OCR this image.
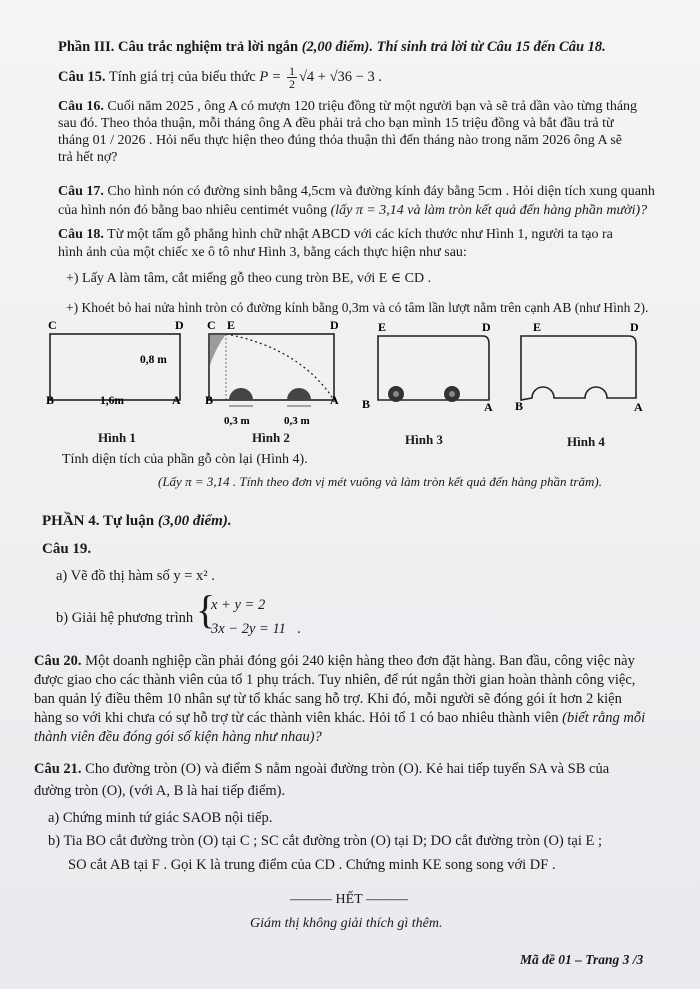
Phần III. Câu trắc nghiệm trả lời ngắn (2,00 điểm). Thí sinh trả lời từ Câu 15 đến Câu 18.
Câu 15. Tính giá trị của biểu thức $P = \frac{1}{2} √4 + √36 - 3$ .
Câu 16. Cuối năm 2025 , ông A có mượn 120 triệu đồng từ một người bạn và sẽ trả dần vào từng tháng
sau đó. Theo thỏa thuận, mỗi tháng ông A đều phải trả cho bạn mình 15 triệu đồng và bắt đầu trả từ
tháng 01 / 2026 . Hỏi nếu thực hiện theo đúng thỏa thuận thì đến tháng nào trong năm 2026 ông A sẽ
trả hết nợ?
Câu 17. Cho hình nón có đường sinh bằng 4,5cm và đường kính đáy bằng 5cm . Hỏi diện tích xung quanh
của hình nón đó bằng bao nhiêu centimét vuông (lấy π = 3,14 và làm tròn kết quả đến hàng phần mười)?
Câu 18. Từ một tấm gỗ phẳng hình chữ nhật ABCD với các kích thước như Hình 1, người ta tạo ra
hình ảnh của một chiếc xe ô tô như Hình 3, bằng cách thực hiện như sau:
+) Lấy A làm tâm, cắt miếng gỗ theo cung tròn BE, với E ∈ CD .
+) Khoét bỏ hai nửa hình tròn có đường kính bằng 0,3m và có tâm lần lượt nằm trên cạnh AB (như Hình 2).
C	D
B	A
0,8 m
1,6m
C E	D
B	A
0,3 m	0,3 m
E	D
B	A
E	D
B	A
Hình 1	Hình 2	Hình 3	Hình 4
Tính diện tích của phần gỗ còn lại (Hình 4).
(Lấy π = 3,14 . Tính theo đơn vị mét vuông và làm tròn kết quả đến hàng phần trăm).
PHẦN 4. Tự luận (3,00 điểm).
Câu 19.
a) Vẽ đồ thị hàm số y = x² .
b) Giải hệ phương trình {
x + y = 2
3x − 2y = 11 .
Câu 20. Một doanh nghiệp cần phải đóng gói 240 kiện hàng theo đơn đặt hàng. Ban đầu, công việc này
được giao cho các thành viên của tổ 1 phụ trách. Tuy nhiên, để rút ngắn thời gian hoàn thành công việc,
ban quản lý điều thêm 10 nhân sự từ tổ khác sang hỗ trợ. Khi đó, mỗi người sẽ đóng gói ít hơn 2 kiện
hàng so với khi chưa có sự hỗ trợ từ các thành viên khác. Hỏi tổ 1 có bao nhiêu thành viên (biết rằng mỗi
thành viên đều đóng gói số kiện hàng như nhau)?
Câu 21. Cho đường tròn (O) và điểm S nằm ngoài đường tròn (O). Kẻ hai tiếp tuyến SA và SB của
đường tròn (O), (với A, B là hai tiếp điểm).
a) Chứng minh tứ giác SAOB nội tiếp.
b) Tia BO cắt đường tròn (O) tại C ; SC cắt đường tròn (O) tại D; DO cắt đường tròn (O) tại E ;
SO cắt AB tại F . Gọi K là trung điểm của CD . Chứng minh KE song song với DF .
——— HẾT ———
Giám thị không giải thích gì thêm.
Mã đề 01 – Trang 3 /3
